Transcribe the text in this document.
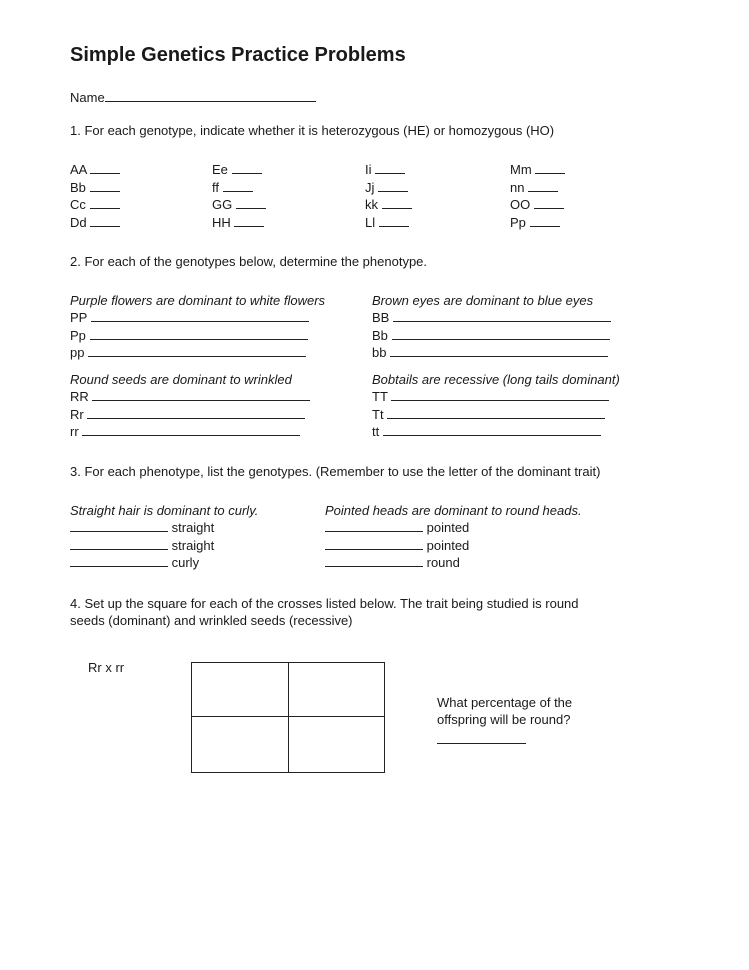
Simple Genetics Practice Problems
Name
1. For each genotype, indicate whether it is heterozygous (HE) or homozygous (HO)
AA
Bb
Cc
Dd
Ee
ff
GG
HH
Ii
Jj
kk
Ll
Mm
nn
OO
Pp
2. For each of the genotypes below, determine the phenotype.
Purple flowers are dominant to white flowers
PP
Pp
pp
Brown eyes are dominant to blue eyes
BB
Bb
bb
Round seeds are dominant to wrinkled
RR
Rr
rr
Bobtails are recessive (long tails dominant)
TT
Tt
tt
3. For each phenotype, list the genotypes. (Remember to use the letter of the dominant trait)
Straight hair is dominant to curly.
straight
straight
curly
Pointed heads are dominant to round heads.
pointed
pointed
round
4. Set up the square for each of the crosses listed below. The trait being studied is round
seeds (dominant) and wrinkled seeds (recessive)
Rr x rr
What percentage of the
offspring will be round?
